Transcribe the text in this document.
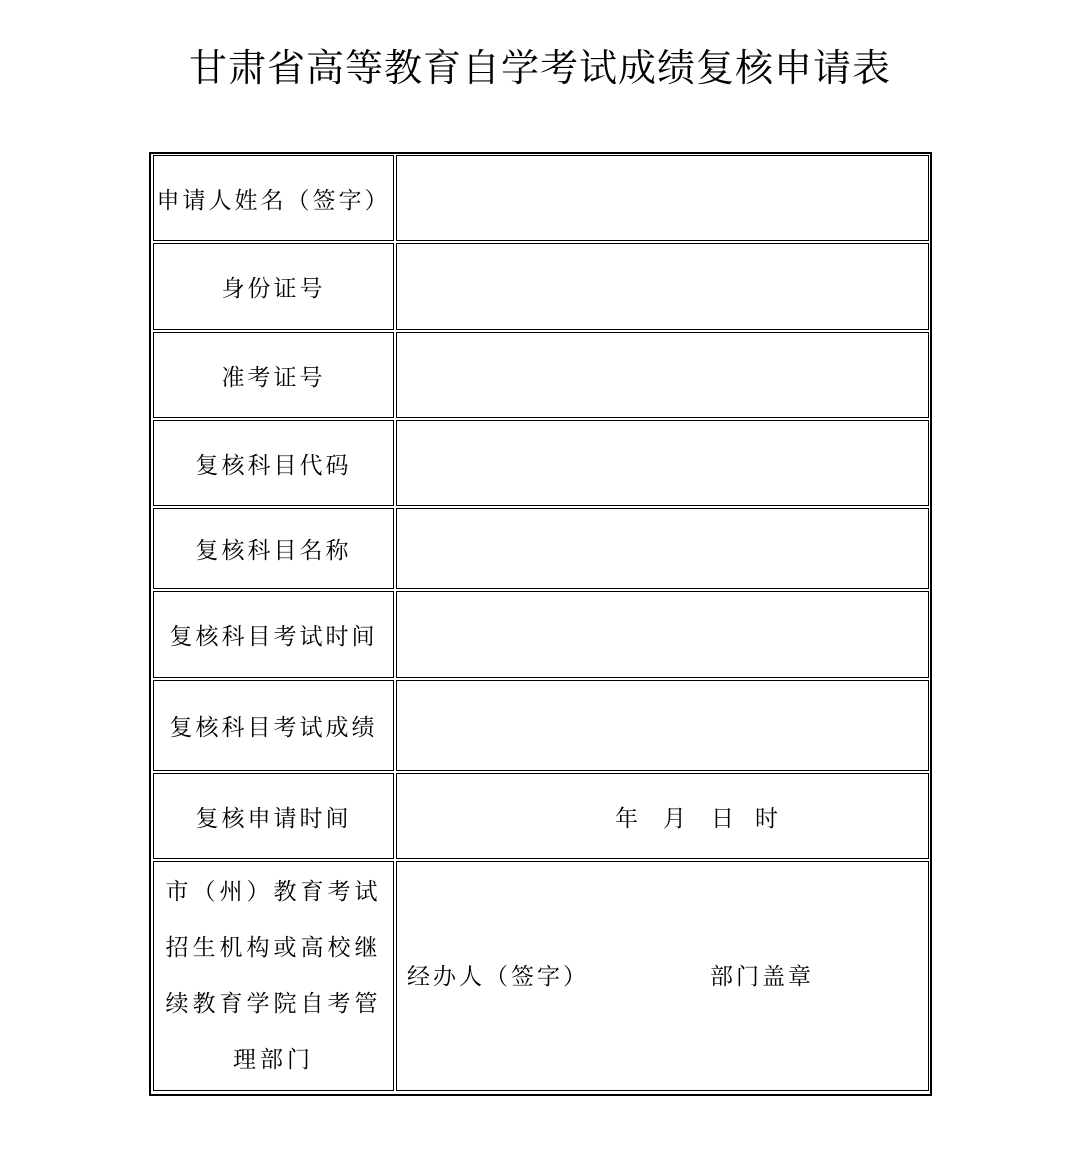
甘肃省高等教育自学考试成绩复核申请表
申请人姓名（签字）
身份证号
准考证号
复核科目代码
复核科目名称
复核科目考试时间
复核科目考试成绩
复核申请时间	年 月 日 时
市（州）教育考试
招生机构或高校继
续教育学院自考管
理部门
经办人（签字）	部门盖章
